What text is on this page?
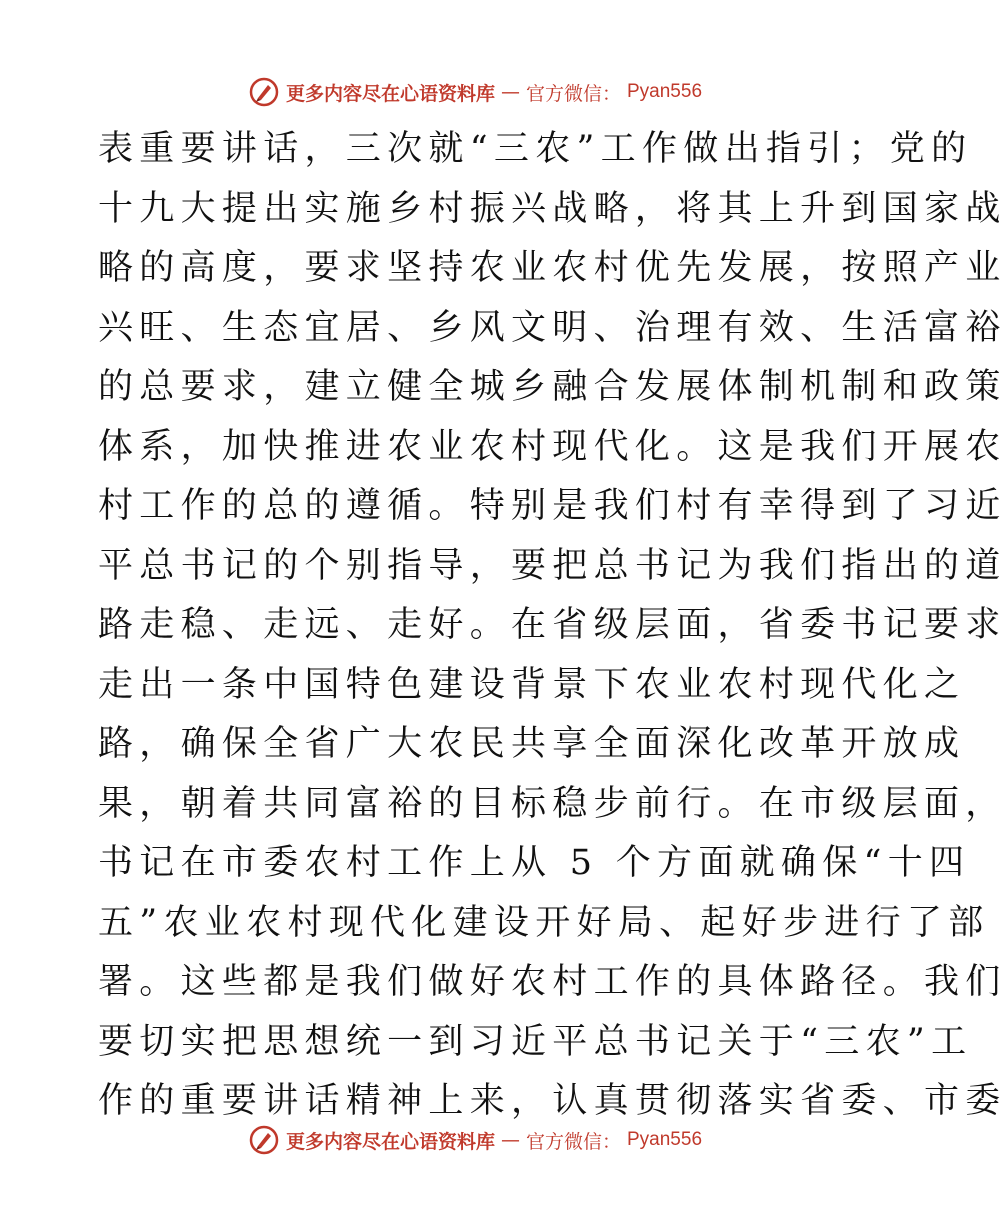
更多内容尽在心语资料库 — 官方微信： Pyan556
表重要讲话，三次就“三农”工作做出指引；党的
十九大提出实施乡村振兴战略，将其上升到国家战
略的高度，要求坚持农业农村优先发展，按照产业
兴旺、生态宜居、乡风文明、治理有效、生活富裕
的总要求，建立健全城乡融合发展体制机制和政策
体系，加快推进农业农村现代化。这是我们开展农
村工作的总的遵循。特别是我们村有幸得到了习近
平总书记的个别指导，要把总书记为我们指出的道
路走稳、走远、走好。在省级层面，省委书记要求
走出一条中国特色建设背景下农业农村现代化之
路，确保全省广大农民共享全面深化改革开放成
果，朝着共同富裕的目标稳步前行。在市级层面，
书记在市委农村工作上从 5 个方面就确保“十四
五”农业农村现代化建设开好局、起好步进行了部
署。这些都是我们做好农村工作的具体路径。我们
要切实把思想统一到习近平总书记关于“三农”工
作的重要讲话精神上来，认真贯彻落实省委、市委
更多内容尽在心语资料库 — 官方微信： Pyan556
